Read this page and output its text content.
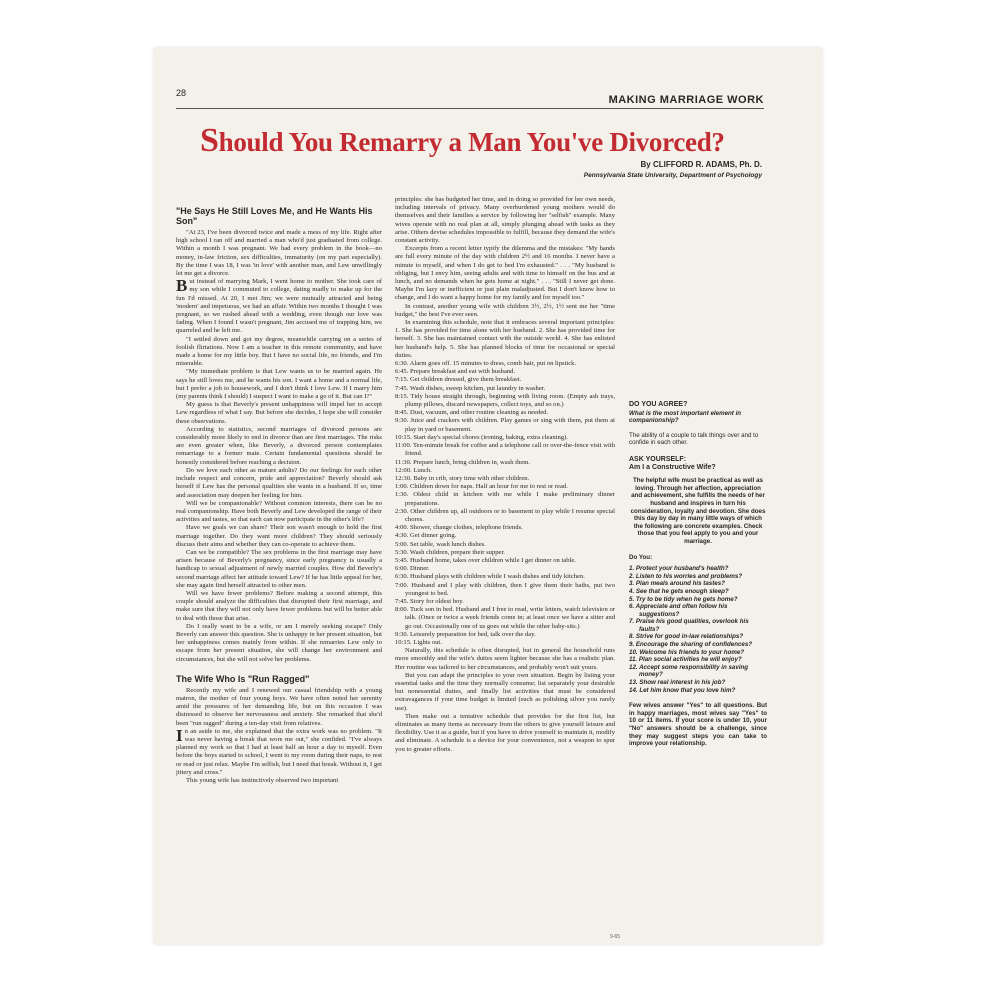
28
MAKING MARRIAGE WORK
Should You Remarry a Man You've Divorced?
By CLIFFORD R. ADAMS, Ph. D.
Pennsylvania State University, Department of Psychology
"He Says He Still Loves Me, and He Wants His Son"

"At 23, I've been divorced twice and made a mess of my life. Right after high school I ran off and married a man who'd just graduated from college. Within a month I was pregnant. We had every problem in the book—no money, in-law friction, sex difficulties, immaturity (on my part especially). By the time I was 18, I was 'in love' with another man, and Lew unwillingly let me get a divorce.

But instead of marrying Mark, I went home to mother. She took care of my son while I commuted to college, dating madly to make up for the fun I'd missed. At 20, I met Jim; we were mutually attracted and being 'modern' and impetuous, we had an affair. Within two months I thought I was pregnant, so we rushed ahead with a wedding, even though our love was fading. When I found I wasn't pregnant, Jim accused me of trapping him, we quarreled and he left me.

"I settled down and got my degree, meanwhile carrying on a series of foolish flirtations. Now I am a teacher in this remote community, and have made a home for my little boy. But I have no social life, no friends, and I'm miserable.

"My immediate problem is that Lew wants us to be married again. He says he still loves me, and he wants his son. I want a home and a normal life, but I prefer a job to housework, and I don't think I love Lew. If I marry him (my parents think I should) I suspect I want to make a go of it. But can I?"

My guess is that Beverly's present unhappiness will impel her to accept Lew regardless of what I say. But before she decides, I hope she will consider these observations.

According to statistics, second marriages of divorced persons are considerably more likely to end in divorce than are first marriages. The risks are even greater when, like Beverly, a divorced person contemplates remarriage to a former mate. Certain fundamental questions should be honestly considered before reaching a decision.

Do we love each other as mature adults? Do our feelings for each other include respect and concern, pride and appreciation? Beverly should ask herself if Lew has the personal qualities she wants in a husband. If so, time and association may deepen her feeling for him.

Will we be companionable? Without common interests, there can be no real companionship. Have both Beverly and Lew developed the range of their activities and tastes, so that each can now participate in the other's life?

Have we goals we can share? Their son wasn't enough to hold the first marriage together. Do they want more children? They should seriously discuss their aims and whether they can co-operate to achieve them.

Can we be compatible? The sex problems in the first marriage may have arisen because of Beverly's pregnancy, since early pregnancy is usually a handicap to sexual adjustment of newly married couples. How did Beverly's second marriage affect her attitude toward Lew? If he has little appeal for her, she may again find herself attracted to other men.

Will we have fewer problems? Before making a second attempt, this couple should analyze the difficulties that disrupted their first marriage, and make sure that they will not only have fewer problems but will be better able to deal with those that arise.

Do I really want to be a wife, or am I merely seeking escape? Only Beverly can answer this question. She is unhappy in her present situation, but her unhappiness comes mainly from within. If she remarries Lew only to escape from her present situation, she will change her environment and circumstances, but she will not solve her problems.

The Wife Who Is "Run Ragged"

Recently my wife and I renewed our casual friendship with a young matron, the mother of four young boys. We have often noted her serenity amid the pressures of her demanding life, but on this occasion I was distressed to observe her nervousness and anxiety. She remarked that she'd been "run ragged" during a ten-day visit from relatives.

In an aside to me, she explained that the extra work was no problem. "It was never having a break that wore me out," she confided. "I've always planned my work so that I had at least half an hour a day to myself. Even before the boys started to school, I went to my room during their naps, to rest or read or just relax. Maybe I'm selfish, but I need that break. Without it, I get jittery and cross."

This young wife has instinctively observed two important

principles: she has budgeted her time, and in doing so provided for her own needs, including intervals of privacy. Many overburdened young mothers would do themselves and their families a service by following her "selfish" example. Many wives operate with no real plan at all, simply plunging ahead with tasks as they arise. Others devise schedules impossible to fulfill, because they demand the wife's constant activity.

Excerpts from a recent letter typify the dilemma and the mistakes: "My hands are full every minute of the day with children 2½ and 16 months. I never have a minute to myself, and when I do get to bed I'm exhausted." . . . "My husband is obliging, but I envy him, seeing adults and with time to himself on the bus and at lunch, and no demands when he gets home at night." . . . "Still I never get done. Maybe I'm lazy or inefficient or just plain maladjusted. But I don't know how to change, and I do want a happy home for my family and for myself too."

In contrast, another young wife with children 3½, 2½, 1½ sent me her "time budget," the best I've ever seen.

In examining this schedule, note that it embraces several important principles: 1. She has provided for time alone with her husband. 2. She has provided time for herself. 3. She has maintained contact with the outside world. 4. She has enlisted her husband's help. 5. She has planned blocks of time for occasional or special duties.

6:30. Alarm goes off. 15 minutes to dress, comb hair, put on lipstick.
6:45. Prepare breakfast and eat with husband.
7:15. Get children dressed, give them breakfast.
7:45. Wash dishes, sweep kitchen, put laundry in washer.
8:15. Tidy house straight through, beginning with living room. (Empty ash trays, plump pillows, discard newspapers, collect toys, and so on.)
8:45. Dust, vacuum, and other routine cleaning as needed.
9:30. Juice and crackers with children. Play games or sing with them, put them at play in yard or basement.
10:15. Start day's special chores (ironing, baking, extra cleaning).
11:00. Ten-minute break for coffee and a telephone call or over-the-fence visit with friend.
11:30. Prepare lunch, bring children in, wash them.
12:00. Lunch.
12:30. Baby in crib, story time with other children.
1:00. Children down for naps. Half an hour for me to rest or read.
1:30. Oldest child in kitchen with me while I make preliminary dinner preparations.
2:30. Other children up, all outdoors or to basement to play while I resume special chores.
4:00. Shower, change clothes, telephone friends.
4:30. Get dinner going.
5:00. Set table, wash lunch dishes.
5:30. Wash children, prepare their supper.
5:45. Husband home, takes over children while I get dinner on table.
6:00. Dinner.
6:30. Husband plays with children while I wash dishes and tidy kitchen.
7:00. Husband and I play with children, then I give them their baths, put two youngest to bed.
7:45. Story for oldest boy.
8:00. Tuck son in bed. Husband and I free to read, write letters, watch television or talk. (Once or twice a week friends come in; at least once we have a sitter and go out. Occasionally one of us goes out while the other baby-sits.)
9:30. Leisurely preparation for bed, talk over the day.
10:15. Lights out.

Naturally, this schedule is often disrupted, but in general the household runs more smoothly and the wife's duties seem lighter because she has a realistic plan. Her routine was tailored to her circumstances, and probably won't suit yours.

But you can adapt the principles to your own situation. Begin by listing your essential tasks and the time they normally consume; list separately your desirable but nonessential duties, and finally list activities that must be considered extravagances if your time budget is limited (such as polishing silver you rarely use).

Then make out a tentative schedule that provides for the first list, but eliminates as many items as necessary from the others to give yourself leisure and flexibility. Use it as a guide, but if you have to drive yourself to maintain it, modify and eliminate. A schedule is a device for your convenience, not a weapon to spur you to greater efforts.

DO YOU AGREE?
What is the most important element in companionship?
The ability of a couple to talk things over and to confide in each other.
ASK YOURSELF:
Am I a Constructive Wife?
The helpful wife must be practical as well as loving. Through her affection, appreciation and achievement, she fulfills the needs of her husband and inspires in turn his consideration, loyalty and devotion. She does this day by day in many little ways of which the following are concrete examples. Check those that you feel apply to you and your marriage.
Do You:
1. Protect your husband's health?
2. Listen to his worries and problems?
3. Plan meals around his tastes?
4. See that he gets enough sleep?
5. Try to be tidy when he gets home?
6. Appreciate and often follow his suggestions?
7. Praise his good qualities, overlook his faults?
8. Strive for good in-law relationships?
9. Encourage the sharing of confidences?
10. Welcome his friends to your home?
11. Plan social activities he will enjoy?
12. Accept some responsibility in saving money?
13. Show real interest in his job?
14. Let him know that you love him?
Few wives answer "Yes" to all questions. But in happy marriages, most wives say "Yes" to 10 or 11 items. If your score is under 10, your "No" answers should be a challenge, since they may suggest steps you can take to improve your relationship.
9-65
